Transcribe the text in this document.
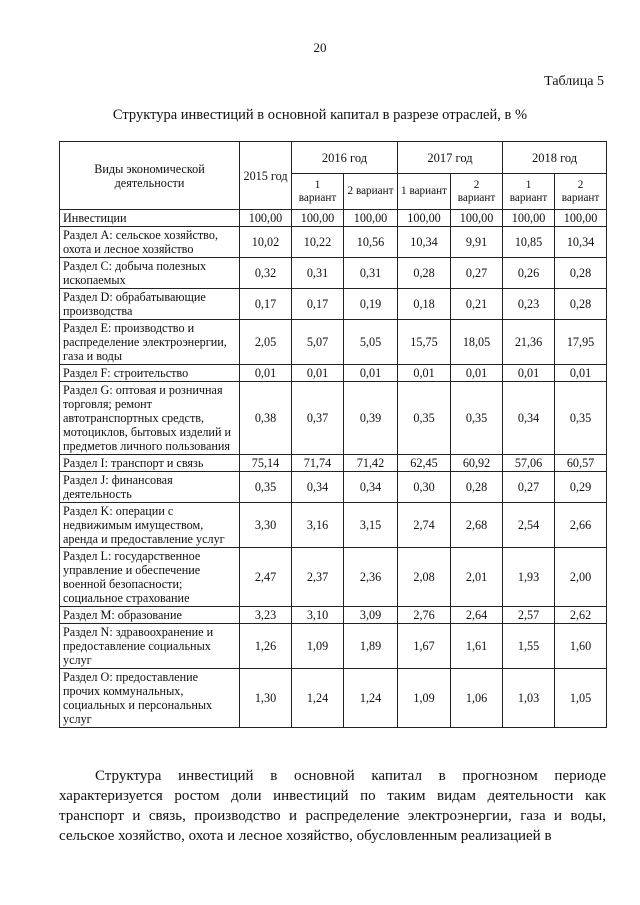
20
Таблица 5
Структура инвестиций в основной капитал в разрезе отраслей, в %
Виды экономической деятельности	2015 год	2016 год		2017 год		2018 год	
		1 вариант	2 вариант	1 вариант	2 вариант	1 вариант	2 вариант
Инвестиции	100,00	100,00	100,00	100,00	100,00	100,00	100,00
Раздел А: сельское хозяйство, охота и лесное хозяйство	10,02	10,22	10,56	10,34	9,91	10,85	10,34
Раздел С: добыча полезных ископаемых	0,32	0,31	0,31	0,28	0,27	0,26	0,28
Раздел D: обрабатывающие производства	0,17	0,17	0,19	0,18	0,21	0,23	0,28
Раздел Е: производство и распределение электроэнергии, газа и воды	2,05	5,07	5,05	15,75	18,05	21,36	17,95
Раздел F: строительство	0,01	0,01	0,01	0,01	0,01	0,01	0,01
Раздел G: оптовая и розничная торговля; ремонт автотранспортных средств, мотоциклов, бытовых изделий и предметов личного пользования	0,38	0,37	0,39	0,35	0,35	0,34	0,35
Раздел I: транспорт и связь	75,14	71,74	71,42	62,45	60,92	57,06	60,57
Раздел J: финансовая деятельность	0,35	0,34	0,34	0,30	0,28	0,27	0,29
Раздел K: операции с недвижимым имуществом, аренда и предоставление услуг	3,30	3,16	3,15	2,74	2,68	2,54	2,66
Раздел L: государственное управление и обеспечение военной безопасности; социальное страхование	2,47	2,37	2,36	2,08	2,01	1,93	2,00
Раздел М: образование	3,23	3,10	3,09	2,76	2,64	2,57	2,62
Раздел N: здравоохранение и предоставление социальных услуг	1,26	1,09	1,89	1,67	1,61	1,55	1,60
Раздел О: предоставление прочих коммунальных, социальных и персональных услуг	1,30	1,24	1,24	1,09	1,06	1,03	1,05

Структура инвестиций в основной капитал в прогнозном периоде характеризуется ростом доли инвестиций по таким видам деятельности как транспорт и связь, производство и распределение электроэнергии, газа и воды, сельское хозяйство, охота и лесное хозяйство, обусловленным реализацией в
